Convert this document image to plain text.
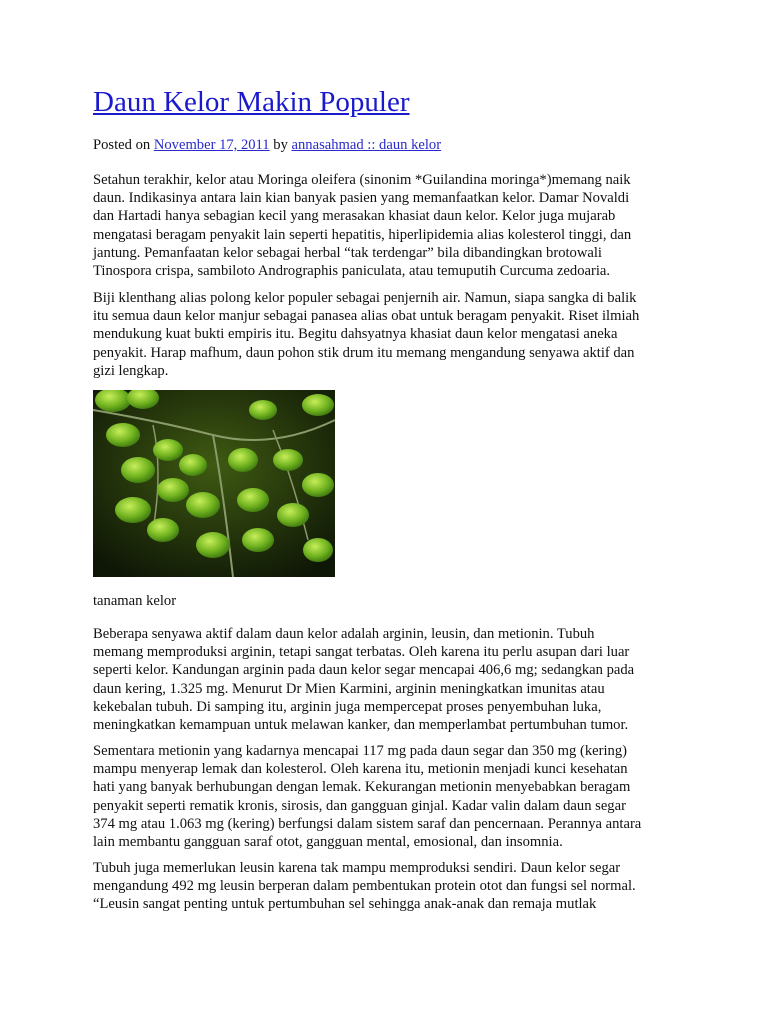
Daun Kelor Makin Populer
Posted on November 17, 2011 by annasahmad :: daun kelor
Setahun terakhir, kelor atau Moringa oleifera (sinonim *Guilandina moringa*)memang naik
daun. Indikasinya antara lain kian banyak pasien yang memanfaatkan kelor. Damar Novaldi
dan Hartadi hanya sebagian kecil yang merasakan khasiat daun kelor. Kelor juga mujarab
mengatasi beragam penyakit lain seperti hepatitis, hiperlipidemia alias kolesterol tinggi, dan
jantung. Pemanfaatan kelor sebagai herbal “tak terdengar” bila dibandingkan brotowali
Tinospora crispa, sambiloto Andrographis paniculata, atau temuputih Curcuma zedoaria.
Biji klenthang alias polong kelor populer sebagai penjernih air. Namun, siapa sangka di balik
itu semua daun kelor manjur sebagai panasea alias obat untuk beragam penyakit. Riset ilmiah
mendukung kuat bukti empiris itu. Begitu dahsyatnya khasiat daun kelor mengatasi aneka
penyakit. Harap mafhum, daun pohon stik drum itu memang mengandung senyawa aktif dan
gizi lengkap.
tanaman kelor
Beberapa senyawa aktif dalam daun kelor adalah arginin, leusin, dan metionin. Tubuh
memang memproduksi arginin, tetapi sangat terbatas. Oleh karena itu perlu asupan dari luar
seperti kelor. Kandungan arginin pada daun kelor segar mencapai 406,6 mg; sedangkan pada
daun kering, 1.325 mg. Menurut Dr Mien Karmini, arginin meningkatkan imunitas atau
kekebalan tubuh. Di samping itu, arginin juga mempercepat proses penyembuhan luka,
meningkatkan kemampuan untuk melawan kanker, dan memperlambat pertumbuhan tumor.
Sementara metionin yang kadarnya mencapai 117 mg pada daun segar dan 350 mg (kering)
mampu menyerap lemak dan kolesterol. Oleh karena itu, metionin menjadi kunci kesehatan
hati yang banyak berhubungan dengan lemak. Kekurangan metionin menyebabkan beragam
penyakit seperti rematik kronis, sirosis, dan gangguan ginjal. Kadar valin dalam daun segar
374 mg atau 1.063 mg (kering) berfungsi dalam sistem saraf dan pencernaan. Perannya antara
lain membantu gangguan saraf otot, gangguan mental, emosional, dan insomnia.
Tubuh juga memerlukan leusin karena tak mampu memproduksi sendiri. Daun kelor segar
mengandung 492 mg leusin berperan dalam pembentukan protein otot dan fungsi sel normal.
“Leusin sangat penting untuk pertumbuhan sel sehingga anak-anak dan remaja mutlak
